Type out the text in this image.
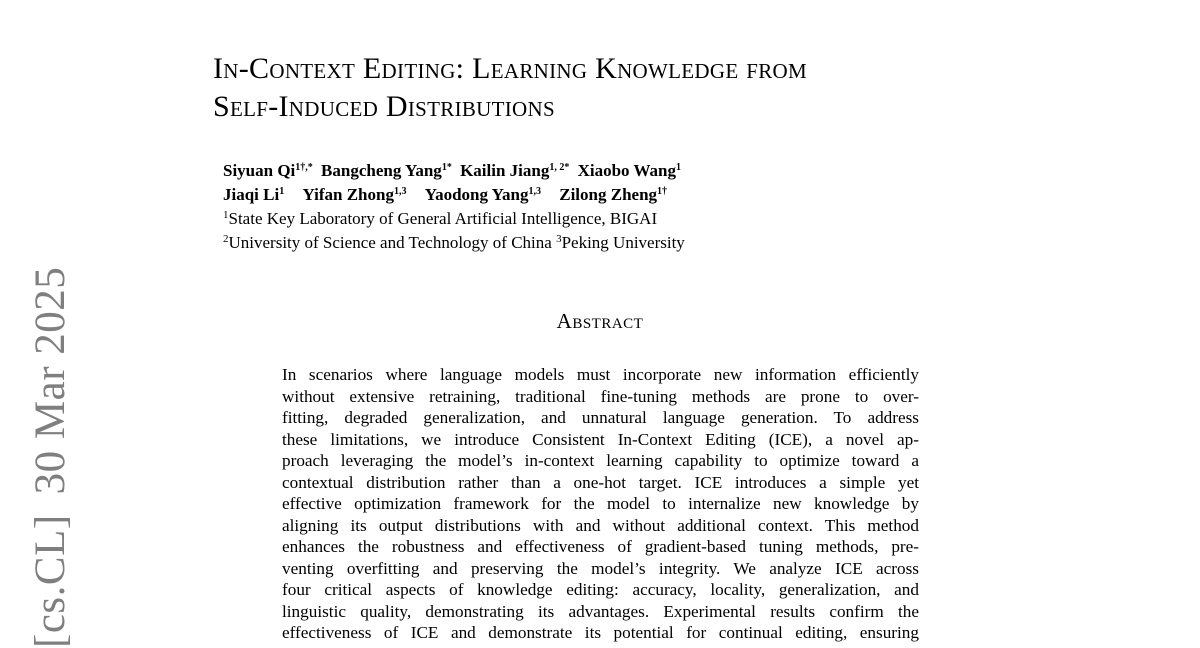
In-Context Editing: Learning Knowledge from
Self-Induced Distributions
Siyuan $Qi^{1\dagger,*}$ Bangcheng Yang$^{1*}$ Kailin Jiang$^{1, 2*}$ Xiaobo Wang$^1$
Jiaqi Li$^1$ Yifan Zhong$^{1,3}$ Yaodong Yang$^{1,3}$ Zilong Zheng$^{1\dagger}$
$^1$State Key Laboratory of General Artificial Intelligence, BIGAI
$^2$University of Science and Technology of China $^3$Peking University
[cs.CL]30 Mar 2025	Abstract
In scenarios where language models must incorporate new information efficiently
without extensive retraining, traditional fine-tuning methods are prone to over-
fitting, degraded generalization, and unnatural language generation. To address
these limitations, we introduce Consistent In-Context Editing (ICE), a novel ap-
proach leveraging the model’s in-context learning capability to optimize toward a
contextual distribution rather than a one-hot target. ICE introduces a simple yet
effective optimization framework for the model to internalize new knowledge by
aligning its output distributions with and without additional context. This method
enhances the robustness and effectiveness of gradient-based tuning methods, pre-
venting overfitting and preserving the model’s integrity. We analyze ICE across
four critical aspects of knowledge editing: accuracy, locality, generalization, and
linguistic quality, demonstrating its advantages. Experimental results confirm the
effectiveness of ICE and demonstrate its potential for continual editing, ensuring
